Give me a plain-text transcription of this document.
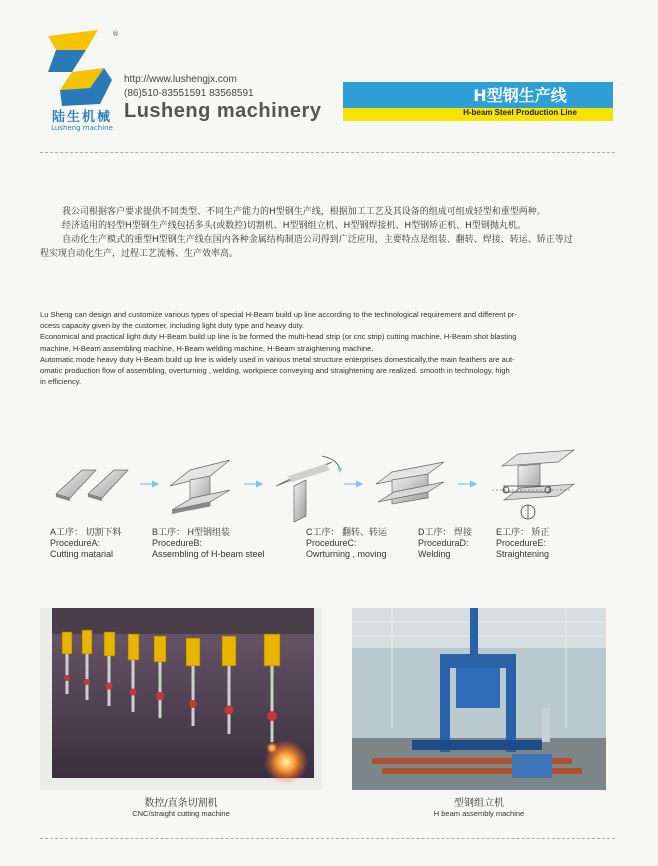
®
陆生机械
Lusheng machine
http://www.lushengjx.com
(86)510-83551591 83568591
Lusheng machinery
H型钢生产线
H-beam Steel Production Line
我公司根据客户要求提供不同类型、不同生产能力的H型钢生产线，根据加工工艺及其设备的组成可组成轻型和重型两种。
经济适用的轻型H型钢生产线包括多头(或数控)切割机、H型钢组立机、H型钢焊接机、H型钢矫正机、H型钢抛丸机。
自动化生产模式的重型H型钢生产线在国内各种金属结构制造公司得到广泛应用，主要特点是组装、翻转、焊接、转运、矫正等过
程实现自动化生产，过程工艺流畅、生产效率高。
Lu Sheng can design and customize various types of special H-Beam build up line according to the technological requirement and different pr-
ocess capacity given by the customer, including light duty type and heavy duty.
Economical and practical light duty H-Beam build up line is be formed the multi-head strip (or cnc strip) cutting machine, H-Beam shot blasting
machine, H-Beam assembling machine, H-Beam welding machine, H-Beam straightening machine.
Automatic mode heavy duty H-Beam build up line is widely used in various metal structure enterprises domestically,the main feathers are aut-
omatic production flow of assembling, overturning , welding, workpiece conveying and straightening are realized. smooth in technology, high
in efficiency.
A工序： 切割下料
ProcedureA:
Cutting matarial
B工序： H型钢组装
ProcedureB:
Assembling of H-beam steel
C工序： 翻转、转运
ProcedureC:
Owrturning , moving
D工序： 焊接
ProceduraD:
Welding
E工序： 矫正
ProcedureE:
Straightening
数控/直条切割机
CNC/straight cutting machine
型钢组立机
H beam assembly machine
